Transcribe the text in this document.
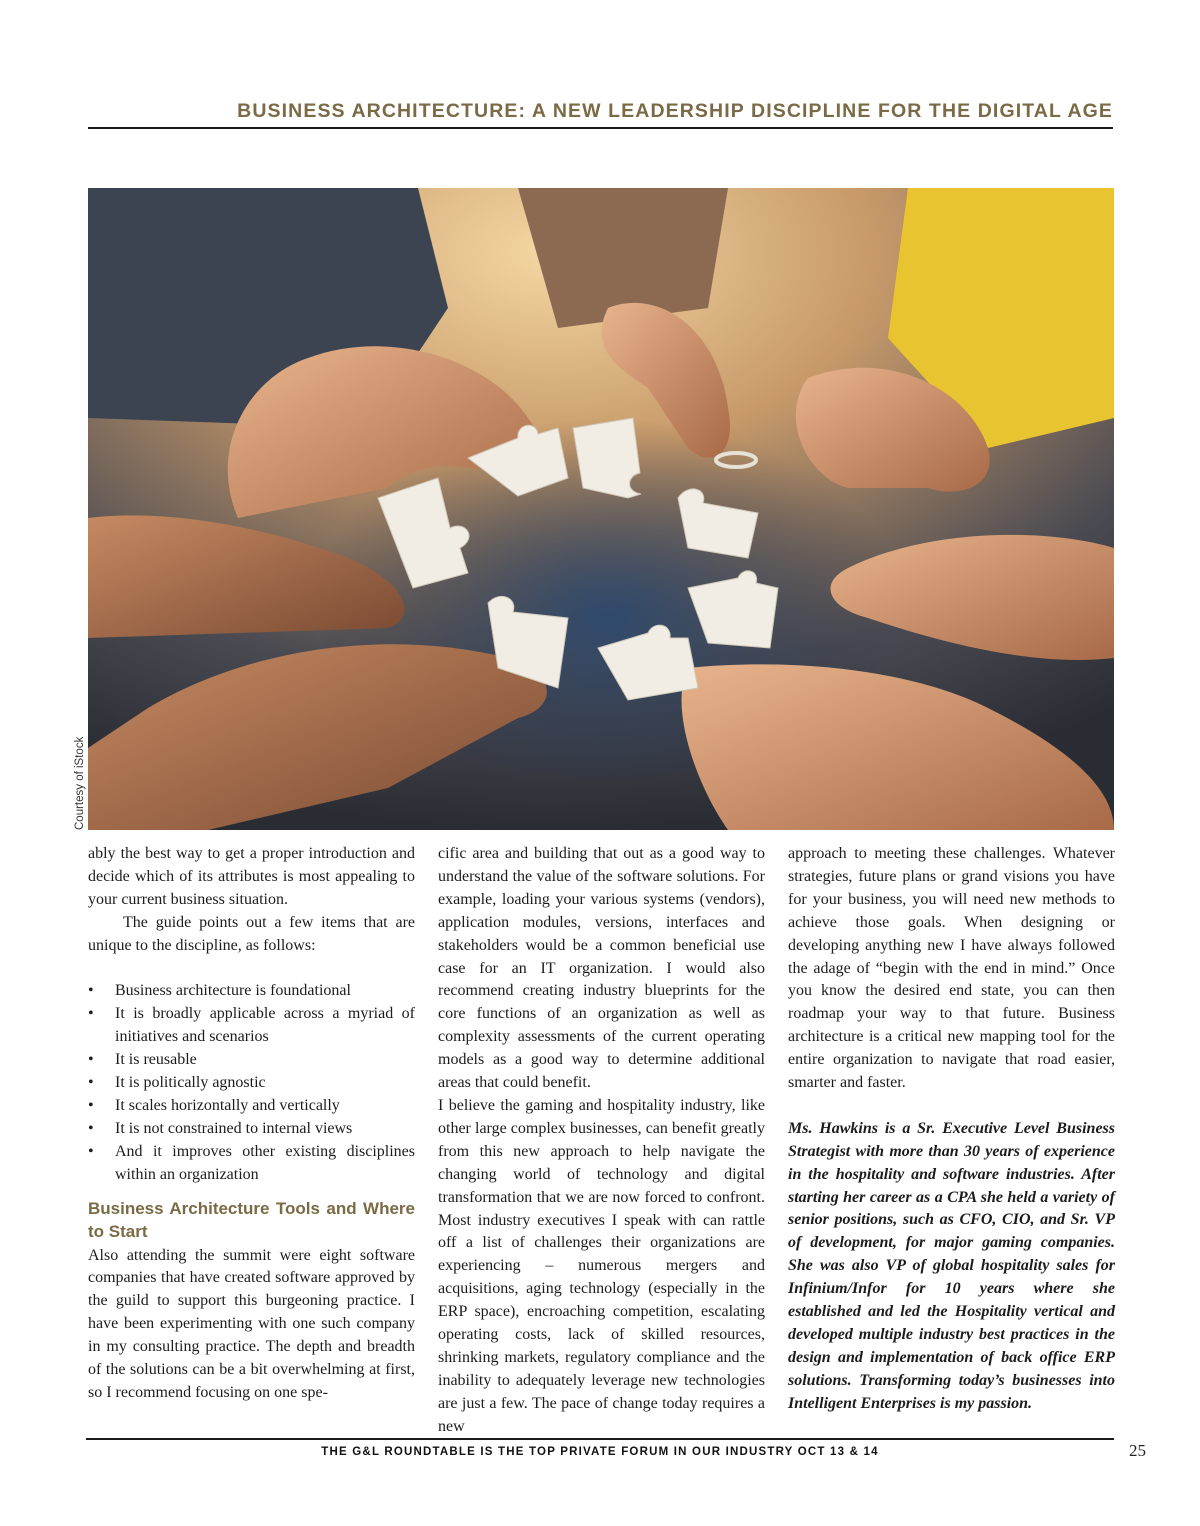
BUSINESS ARCHITECTURE: A NEW LEADERSHIP DISCIPLINE FOR THE DIGITAL AGE
Courtesy of iStock

ably the best way to get a proper introduction and decide which of its attributes is most appealing to your current business situation.

The guide points out a few items that are unique to the discipline, as follows:

• Business architecture is foundational
• It is broadly applicable across a myriad of initiatives and scenarios
• It is reusable
• It is politically agnostic
• It scales horizontally and vertically
• It is not constrained to internal views
• And it improves other existing disciplines within an organization
Business Architecture Tools and Where to Start

Also attending the summit were eight software companies that have created software approved by the guild to support this burgeoning practice. I have been experimenting with one such company in my consulting practice. The depth and breadth of the solutions can be a bit overwhelming at first, so I recommend focusing on one spe-

cific area and building that out as a good way to understand the value of the software solutions. For example, loading your various systems (vendors), application modules, versions, interfaces and stakeholders would be a common beneficial use case for an IT organization. I would also recommend creating industry blueprints for the core functions of an organization as well as complexity assessments of the current operating models as a good way to determine additional areas that could benefit.

I believe the gaming and hospitality industry, like other large complex businesses, can benefit greatly from this new approach to help navigate the changing world of technology and digital transformation that we are now forced to confront. Most industry executives I speak with can rattle off a list of challenges their organizations are experiencing – numerous mergers and acquisitions, aging technology (especially in the ERP space), encroaching competition, escalating operating costs, lack of skilled resources, shrinking markets, regulatory compliance and the inability to adequately leverage new technologies are just a few. The pace of change today requires a new

approach to meeting these challenges. Whatever strategies, future plans or grand visions you have for your business, you will need new methods to achieve those goals. When designing or developing anything new I have always followed the adage of “begin with the end in mind.” Once you know the desired end state, you can then roadmap your way to that future. Business architecture is a critical new mapping tool for the entire organization to navigate that road easier, smarter and faster.

Ms. Hawkins is a Sr. Executive Level Business Strategist with more than 30 years of experience in the hospitality and software industries. After starting her career as a CPA she held a variety of senior positions, such as CFO, CIO, and Sr. VP of development, for major gaming companies. She was also VP of global hospitality sales for Infinium/Infor for 10 years where she established and led the Hospitality vertical and developed multiple industry best practices in the design and implementation of back office ERP solutions. Transforming today’s businesses into Intelligent Enterprises is my passion.

THE G&L ROUNDTABLE IS THE TOP PRIVATE FORUM IN OUR INDUSTRY OCT 13 & 14	25
